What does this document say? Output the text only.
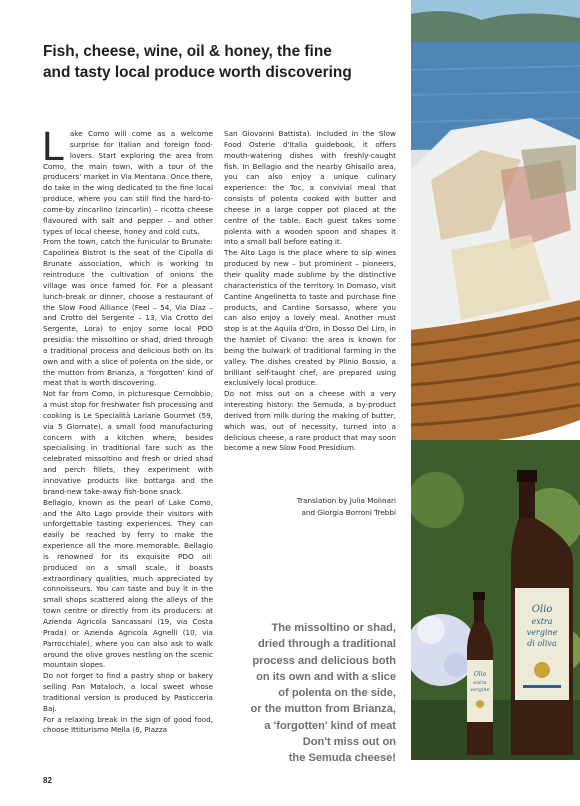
Olio
extra
vergine
di oliva
Olio
extra
vergine
Fish, cheese, wine, oil & honey, the fine
and tasty local produce worth discovering

Lake Como will come as a welcome surprise for Italian and foreign food-lovers. Start exploring the area from Como, the main town, with a tour of the producers' market in Via Mentana. Once there, do take in the wing dedicated to the fine local produce, where you can still find the hard-to-come-by zincarlino (zincarlin) – ricotta cheese flavoured with salt and pepper – and other types of local cheese, honey and cold cuts.

From the town, catch the funicular to Brunate: Capolinea Bistrot is the seat of the Cipolla di Brunate association, which is working to reintroduce the cultivation of onions the village was once famed for. For a pleasant lunch-break or dinner, choose a restaurant of the Slow Food Alliance (Feel – 54, Via Diaz – and Crotto del Sergente – 13, Via Crotto del Sergente, Lora) to enjoy some local PDO presidia: the missoltino or shad, dried through a traditional process and delicious both on its own and with a slice of polenta on the side, or the mutton from Brianza, a 'forgotten' kind of meat that is worth discovering.

Not far from Como, in picturesque Cernobbio, a must stop for freshwater fish processing and cooking is Le Specialità Lariane Gourmet (59, via 5 Giornate), a small food manufacturing concern with a kitchen where, besides specialising in traditional fare such as the celebrated missoltino and fresh or dried shad and perch fillets, they experiment with innovative products like bottarga and the brand-new take-away fish-bone snack.

Bellagio, known as the pearl of Lake Como, and the Alto Lago provide their visitors with unforgettable tasting experiences. They can easily be reached by ferry to make the experience all the more memorable. Bellagio is renowned for its exquisite PDO oil: produced on a small scale, it boasts extraordinary qualities, much appreciated by connoisseurs. You can taste and buy it in the small shops scattered along the alleys of the town centre or directly from its producers: at Azienda Agricola Sancassani (19, via Costa Prada) or Azienda Agricola Agnelli (10, via Parrocchiale), where you can also ask to walk around the olive groves nestling on the scenic mountain slopes.

Do not forget to find a pastry shop or bakery selling Pan Mataloch, a local sweet whose traditional version is produced by Pasticceria Baj.

For a relaxing break in the sign of good food, choose Ittiturismo Mella (6, Piazza

San Giovanni Battista). Included in the Slow Food Osterie d'Italia guidebook, it offers mouth-watering dishes with freshly-caught fish. In Bellagio and the nearby Ghisallo area, you can also enjoy a unique culinary experience: the Toc, a convivial meal that consists of polenta cooked with butter and cheese in a large copper pot placed at the centre of the table. Each guest takes some polenta with a wooden spoon and shapes it into a small ball before eating it.

The Alto Lago is the place where to sip wines produced by new – but prominent – pioneers, their quality made sublime by the distinctive characteristics of the territory. In Domaso, visit Cantine Angelinetta to taste and purchase fine products, and Cantine Sorsasso, where you can also enjoy a lovely meal. Another must stop is at the Aquila d'Oro, in Dosso Del Liro, in the hamlet of Civano: the area is known for being the bulwark of traditional farming in the valley. The dishes created by Plinio Bossio, a brilliant self-taught chef, are prepared using exclusively local produce.

Do not miss out on a cheese with a very interesting history: the Semuda, a by-product derived from milk during the making of butter, which was, out of necessity, turned into a delicious cheese, a rare product that may soon become a new Slow Food Presidium.

Translation by Julia Molinari
and Giorgia Borroni Trebbi
The missoltino or shad,
dried through a traditional
process and delicious both
on its own and with a slice
of polenta on the side,
or the mutton from Brianza,
a 'forgotten' kind of meat
Don't miss out on
the Semuda cheese!
82
